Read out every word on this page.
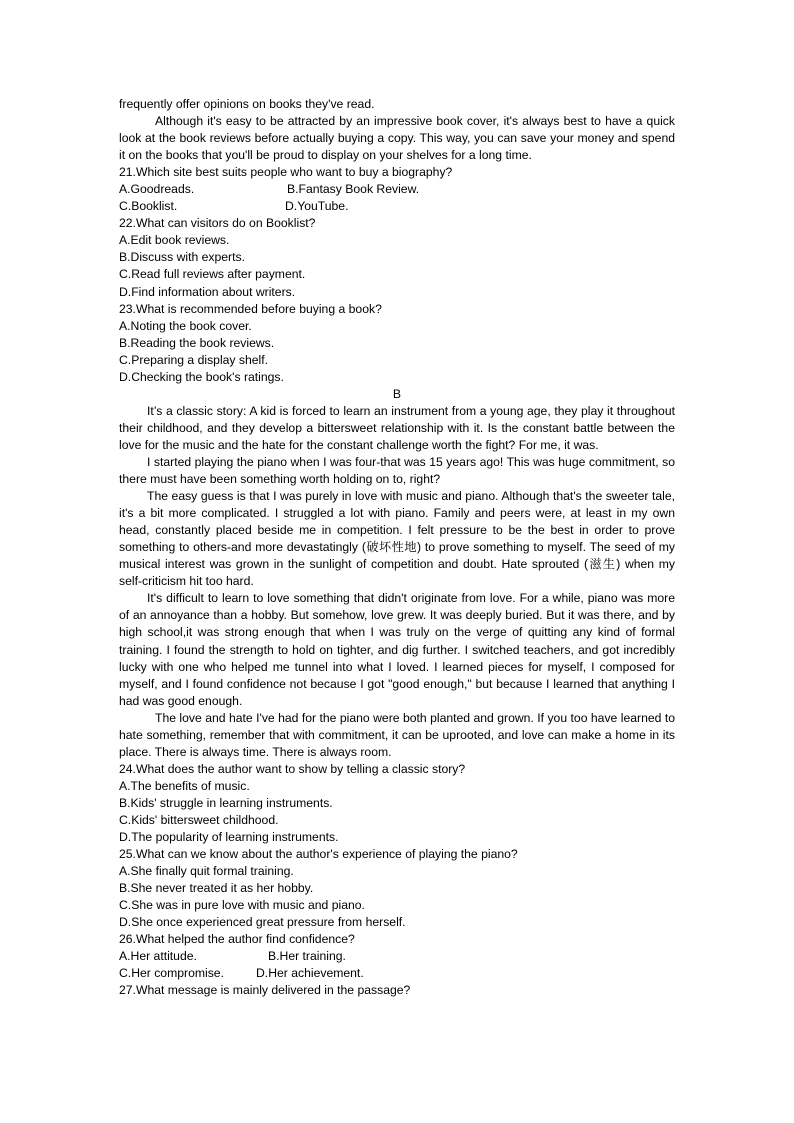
frequently offer opinions on books they've read.

Although it's easy to be attracted by an impressive book cover, it's always best to have a quick look at the book reviews before actually buying a copy. This way, you can save your money and spend it on the books that you'll be proud to display on your shelves for a long time.

21.Which site best suits people who want to buy a biography?

A.Goodreads.	B.Fantasy Book Review.

C.Booklist.	D.YouTube.

22.What can visitors do on Booklist?

A.Edit book reviews.

B.Discuss with experts.

C.Read full reviews after payment.

D.Find information about writers.

23.What is recommended before buying a book?

A.Noting the book cover.

B.Reading the book reviews.

C.Preparing a display shelf.

D.Checking the book's ratings.

B

It’s a classic story: A kid is forced to learn an instrument from a young age, they play it throughout their childhood, and they develop a bittersweet relationship with it. Is the constant battle between the love for the music and the hate for the constant challenge worth the fight? For me, it was.

I started playing the piano when I was four-that was 15 years ago! This was huge commitment, so there must have been something worth holding on to, right?

The easy guess is that I was purely in love with music and piano. Although that's the sweeter tale, it's a bit more complicated. I struggled a lot with piano. Family and peers were, at least in my own head, constantly placed beside me in competition. I felt pressure to be the best in order to prove something to others-and more devastatingly (破坏性地) to prove something to myself. The seed of my musical interest was grown in the sunlight of competition and doubt. Hate sprouted (滋生) when my self-criticism hit too hard.

It's difficult to learn to love something that didn't originate from love. For a while, piano was more of an annoyance than a hobby. But somehow, love grew. It was deeply buried. But it was there, and by high school,it was strong enough that when I was truly on the verge of quitting any kind of formal training. I found the strength to hold on tighter, and dig further. I switched teachers, and got incredibly lucky with one who helped me tunnel into what I loved. I learned pieces for myself, I composed for myself, and I found confidence not because I got "good enough," but because I learned that anything I had was good enough.

The love and hate I've had for the piano were both planted and grown. If you too have learned to hate something, remember that with commitment, it can be uprooted, and love can make a home in its place. There is always time. There is always room.

24.What does the author want to show by telling a classic story?

A.The benefits of music.

B.Kids' struggle in learning instruments.

C.Kids' bittersweet childhood.

D.The popularity of learning instruments.

25.What can we know about the author's experience of playing the piano?

A.She finally quit formal training.

B.She never treated it as her hobby.

C.She was in pure love with music and piano.

D.She once experienced great pressure from herself.

26.What helped the author find confidence?

A.Her attitude.	B.Her training.

C.Her compromise.	D.Her achievement.

27.What message is mainly delivered in the passage?
